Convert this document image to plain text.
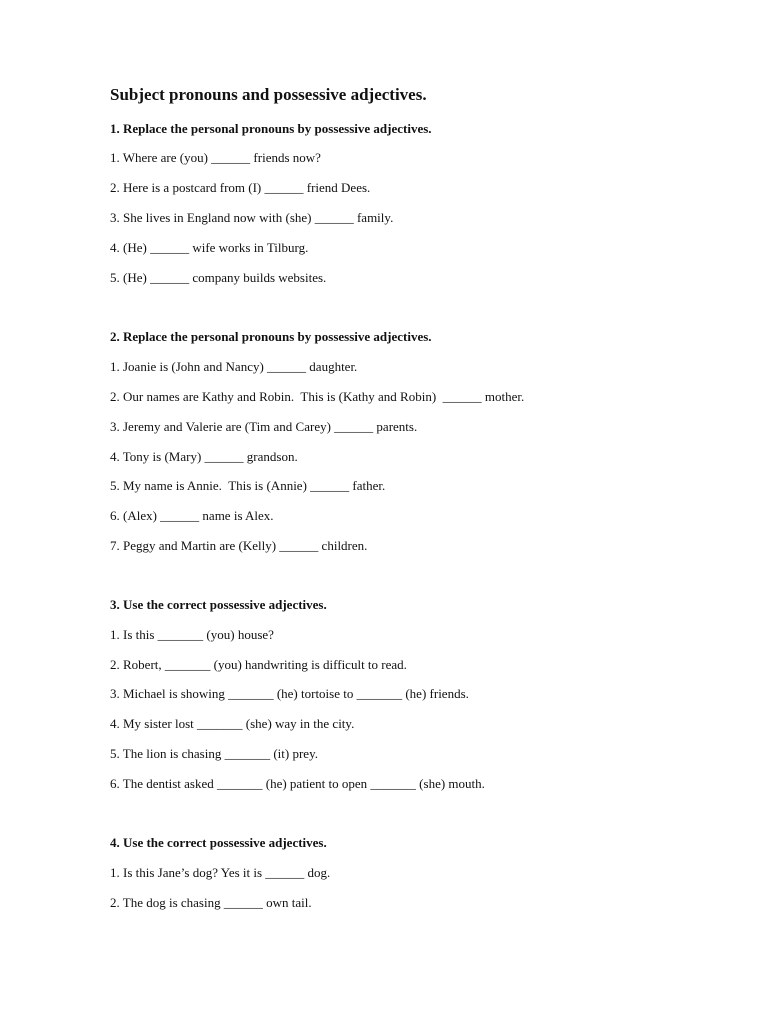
Subject pronouns and possessive adjectives.
1. Replace the personal pronouns by possessive adjectives.
1. Where are (you) ______ friends now?
2. Here is a postcard from (I) ______ friend Dees.
3. She lives in England now with (she) ______ family.
4. (He) ______ wife works in Tilburg.
5. (He) ______ company builds websites.
2. Replace the personal pronouns by possessive adjectives.
1. Joanie is (John and Nancy) ______ daughter.
2. Our names are Kathy and Robin.  This is (Kathy and Robin)  ______ mother.
3. Jeremy and Valerie are (Tim and Carey) ______ parents.
4. Tony is (Mary) ______ grandson.
5. My name is Annie.  This is (Annie) ______ father.
6. (Alex) ______ name is Alex.
7. Peggy and Martin are (Kelly) ______ children.
3. Use the correct possessive adjectives.
1. Is this _______ (you) house?
2. Robert, _______ (you) handwriting is difficult to read.
3. Michael is showing _______ (he) tortoise to _______ (he) friends.
4. My sister lost _______ (she) way in the city.
5. The lion is chasing _______ (it) prey.
6. The dentist asked _______ (he) patient to open _______ (she) mouth.
4. Use the correct possessive adjectives.
1. Is this Jane’s dog? Yes it is ______ dog.
2. The dog is chasing ______ own tail.
